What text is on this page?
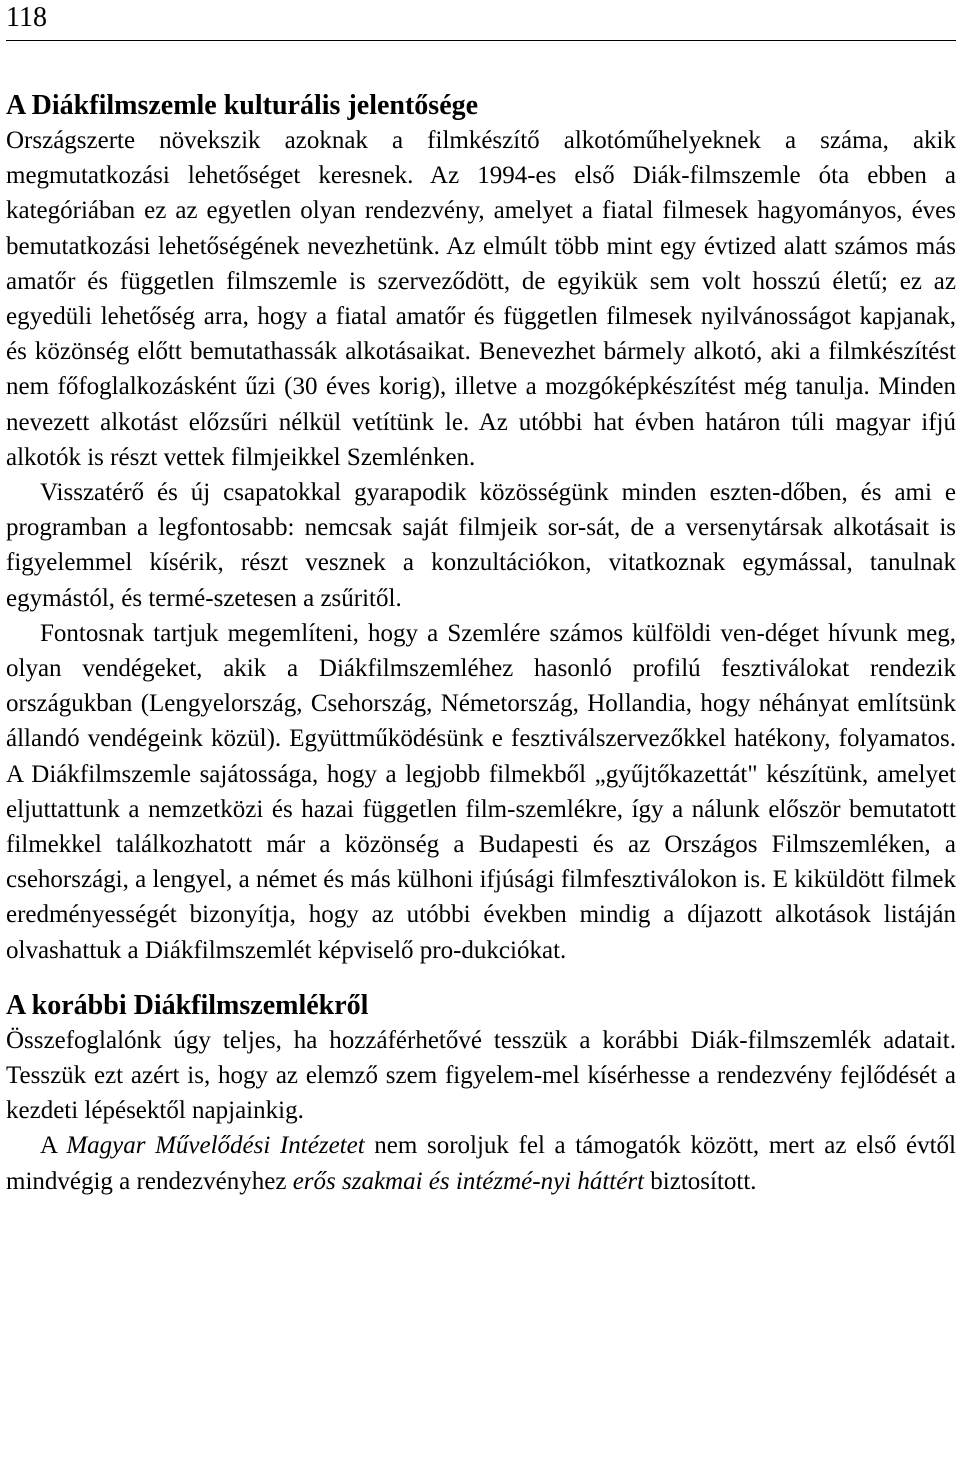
118
A Diákfilmszemle kulturális jelentősége

Országszerte növekszik azoknak a filmkészítő alkotóműhelyeknek a száma, akik megmutatkozási lehetőséget keresnek. Az 1994-es első Diák-filmszemle óta ebben a kategóriában ez az egyetlen olyan rendezvény, amelyet a fiatal filmesek hagyományos, éves bemutatkozási lehetőségének nevezhetünk. Az elmúlt több mint egy évtized alatt számos más amatőr és független filmszemle is szerveződött, de egyikük sem volt hosszú életű; ez az egyedüli lehetőség arra, hogy a fiatal amatőr és független filmesek nyilvánosságot kapjanak, és közönség előtt bemutathassák alkotásaikat. Benevezhet bármely alkotó, aki a filmkészítést nem főfoglalkozásként űzi (30 éves korig), illetve a mozgóképkészítést még tanulja. Minden nevezett alkotást előzsűri nélkül vetítünk le. Az utóbbi hat évben határon túli magyar ifjú alkotók is részt vettek filmjeikkel Szemlénken.

Visszatérő és új csapatokkal gyarapodik közösségünk minden eszten-dőben, és ami e programban a legfontosabb: nemcsak saját filmjeik sor-sát, de a versenytársak alkotásait is figyelemmel kísérik, részt vesznek a konzultációkon, vitatkoznak egymással, tanulnak egymástól, és termé-szetesen a zsűritől.

Fontosnak tartjuk megemlíteni, hogy a Szemlére számos külföldi ven-déget hívunk meg, olyan vendégeket, akik a Diákfilmszemléhez hasonló profilú fesztiválokat rendezik országukban (Lengyelország, Csehország, Németország, Hollandia, hogy néhányat említsünk állandó vendégeink közül). Együttműködésünk e fesztiválszervezőkkel hatékony, folyamatos. A Diákfilmszemle sajátossága, hogy a legjobb filmekből „gyűjtőkazettát" készítünk, amelyet eljuttattunk a nemzetközi és hazai független film-szemlékre, így a nálunk először bemutatott filmekkel találkozhatott már a közönség a Budapesti és az Országos Filmszemléken, a csehországi, a lengyel, a német és más külhoni ifjúsági filmfesztiválokon is. E kiküldött filmek eredményességét bizonyítja, hogy az utóbbi években mindig a díjazott alkotások listáján olvashattuk a Diákfilmszemlét képviselő pro-dukciókat.

A korábbi Diákfilmszemlékről

Összefoglalónk úgy teljes, ha hozzáférhetővé tesszük a korábbi Diák-filmszemlék adatait. Tesszük ezt azért is, hogy az elemző szem figyelem-mel kísérhesse a rendezvény fejlődését a kezdeti lépésektől napjainkig.

A Magyar Művelődési Intézetet nem soroljuk fel a támogatók között, mert az első évtől mindvégig a rendezvényhez erős szakmai és intézmé-nyi háttért biztosított.
